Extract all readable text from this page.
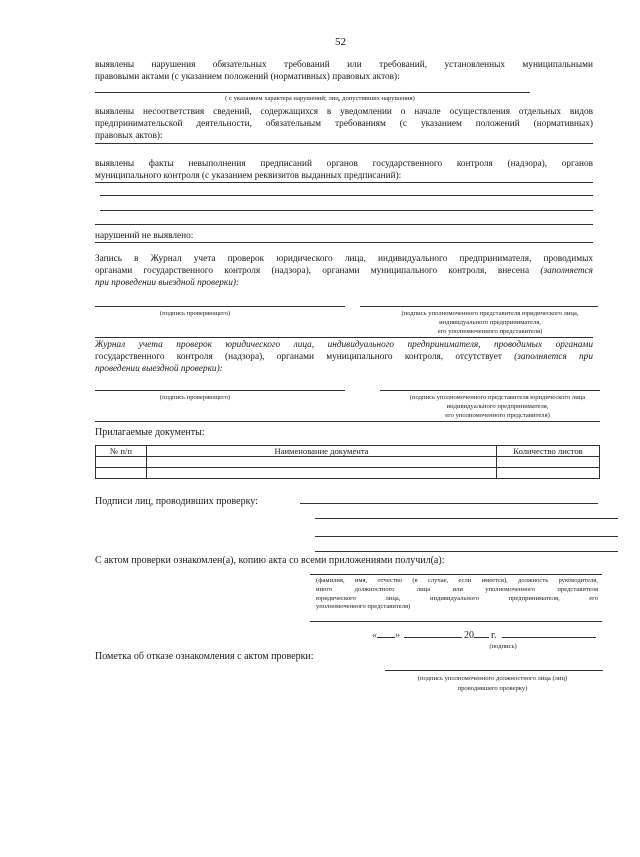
52
выявлены нарушения обязательных требований или требований, установленных муниципальными
правовыми актами (с указанием положений (нормативных) правовых актов):
( с указанием характера нарушений; лиц, допустивших нарушения)
выявлены несоответствия сведений, содержащихся в уведомлении о начале осуществления отдельных видов
предпринимательской деятельности, обязательным требованиям (с указанием положений (нормативных)
правовых актов):
выявлены факты невыполнения предписаний органов государственного контроля (надзора), органов
муниципального контроля (с указанием реквизитов выданных предписаний):
нарушений не выявлено:
Запись в Журнал учета проверок юридического лица, индивидуального предпринимателя, проводимых
органами государственного контроля (надзора), органами муниципального контроля, внесена (заполняется
при проведении выездной проверки):
(подпись проверяющего)	(подпись уполномоченного представителя юридического лица,
индивидуального предпринимателя,
его уполномоченного представителя)
Журнал учета проверок юридического лица, индивидуального предпринимателя, проводимых органами
государственного контроля (надзора), органами муниципального контроля, отсутствует (заполняется при
проведении выездной проверки):
(подпись проверяющего)	(подпись уполномоченного представителя юридического лица
индивидуального предпринимателя,
его уполномоченного представителя)
Прилагаемые документы:
№ п/п	Наименование документа	Количество листов

Подписи лиц, проводивших проверку:
С актом проверки ознакомлен(а), копию акта со всеми приложениями получил(а):
(фамилия, имя, отчество (в случае, если имеется), должность руководителя,
иного должностного лица или уполномоченного представителя
юридического лица, индивидуального предпринимателя, его
уполномоченного представителя)
« »	20 г.
(подпись)
Пометка об отказе ознакомления с актом проверки:
(подпись уполномоченного должностного лица (лиц)
проводившего проверку)
